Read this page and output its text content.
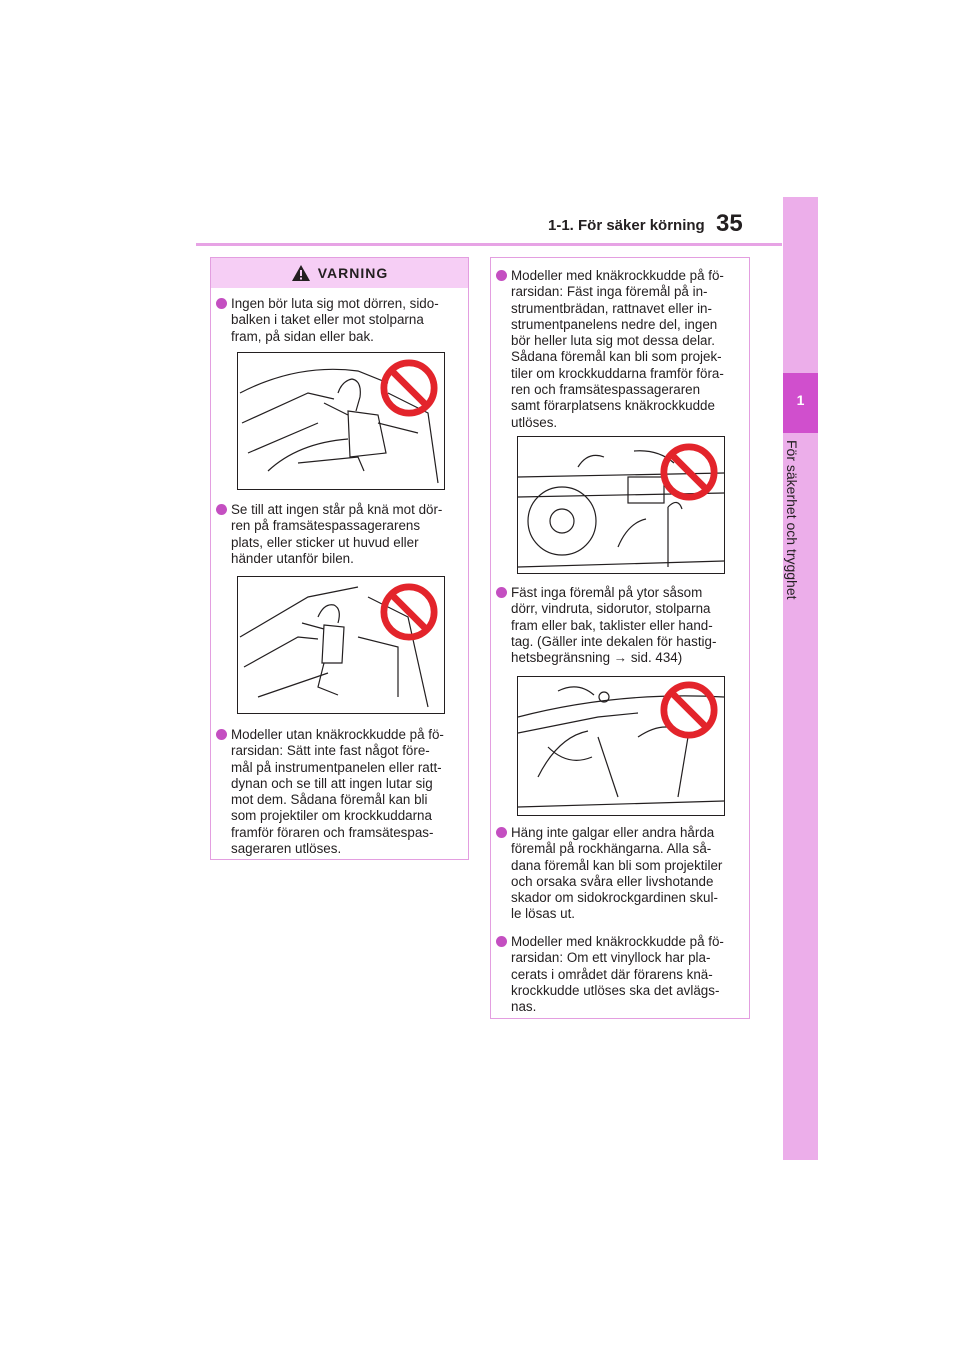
1-1. För säker körning 35
1
För säkerhet och trygghet
VARNING
Ingen bör luta sig mot dörren, sido-
balken i taket eller mot stolparna
fram, på sidan eller bak.
Se till att ingen står på knä mot dör-
ren på framsätespassagerarens
plats, eller sticker ut huvud eller
händer utanför bilen.
Modeller utan knäkrockkudde på fö-
rarsidan: Sätt inte fast något före-
mål på instrumentpanelen eller ratt-
dynan och se till att ingen lutar sig
mot dem. Sådana föremål kan bli
som projektiler om krockkuddarna
framför föraren och framsätespas-
sageraren utlöses.
Modeller med knäkrockkudde på fö-
rarsidan: Fäst inga föremål på in-
strumentbrädan, rattnavet eller in-
strumentpanelens nedre del, ingen
bör heller luta sig mot dessa delar.
Sådana föremål kan bli som projek-
tiler om krockkuddarna framför föra-
ren och framsätespassageraren
samt förarplatsens knäkrockkudde
utlöses.
Fäst inga föremål på ytor såsom
dörr, vindruta, sidorutor, stolparna
fram eller bak, taklister eller hand-
tag. (Gäller inte dekalen för hastig-
hetsbegränsning → sid. 434)
Häng inte galgar eller andra hårda
föremål på rockhängarna. Alla så-
dana föremål kan bli som projektiler
och orsaka svåra eller livshotande
skador om sidokrockgardinen skul-
le lösas ut.
Modeller med knäkrockkudde på fö-
rarsidan: Om ett vinyllock har pla-
cerats i området där förarens knä-
krockkudde utlöses ska det avlägs-
nas.
